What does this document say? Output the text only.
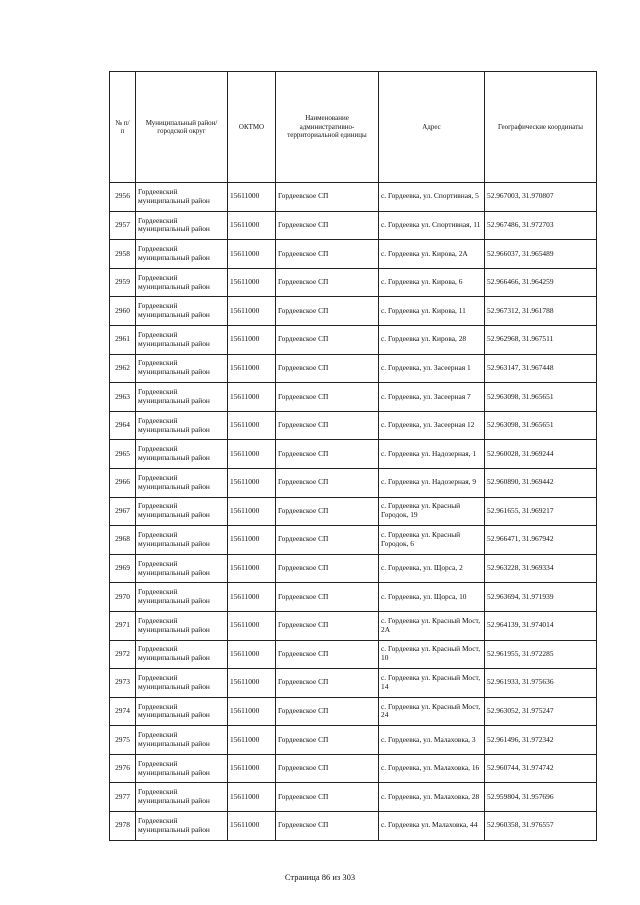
№ п/п	Муниципальный район/городской округ	ОКТМО	Наименование административно-территориальной единицы	Адрес	Географические координаты
2956	Гордеевский муниципальный район	15611000	Гордеевское СП	с. Гордеевка, ул. Спортивная, 5	52.967003, 31.970807
2957	Гордеевский муниципальный район	15611000	Гордеевское СП	с. Гордеевка ул. Спортивная, 11	52.967486, 31.972703
2958	Гордеевский муниципальный район	15611000	Гордеевское СП	с. Гордеевка ул. Кирова, 2А	52.966037, 31.965489
2959	Гордеевский муниципальный район	15611000	Гордеевское СП	с. Гордеевка ул. Кирова, 6	52.966466, 31.964259
2960	Гордеевский муниципальный район	15611000	Гордеевское СП	с. Гордеевка ул. Кирова, 11	52.967312, 31.961788
2961	Гордеевский муниципальный район	15611000	Гордеевское СП	с. Гордеевка ул. Кирова, 28	52.962968, 31.967511
2962	Гордеевский муниципальный район	15611000	Гордеевское СП	с. Гордеевка, ул. Засеерная 1	52.963147, 31.967448
2963	Гордеевский муниципальный район	15611000	Гордеевское СП	с. Гордеевка, ул. Засеерная 7	52.963098, 31.965651
2964	Гордеевский муниципальный район	15611000	Гордеевское СП	с. Гордеевка, ул. Засеерная 12	52.963098, 31.965651
2965	Гордеевский муниципальный район	15611000	Гордеевское СП	с. Гордеевка ул. Надозерная, 1	52.960028, 31.969244
2966	Гордеевский муниципальный район	15611000	Гордеевское СП	с. Гордеевка ул. Надозерная, 9	52.960890, 31.969442
2967	Гордеевский муниципальный район	15611000	Гордеевское СП	с. Гордеевка ул. Красный Городок, 19	52.961655, 31.969217
2968	Гордеевский муниципальный район	15611000	Гордеевское СП	с. Гордеевка ул. Красный Городок, 6	52.966471, 31.967942
2969	Гордеевский муниципальный район	15611000	Гордеевское СП	с. Гордеевка, ул. Щорса, 2	52.963228, 31.969334
2970	Гордеевский муниципальный район	15611000	Гордеевское СП	с. Гордеевка, ул. Щорса, 10	52.963694, 31.971939
2971	Гордеевский муниципальный район	15611000	Гордеевское СП	с. Гордеевка ул. Красный Мост, 2А	52.964139, 31.974014
2972	Гордеевский муниципальный район	15611000	Гордеевское СП	с. Гордеевка ул. Красный Мост, 10	52.961955, 31.972285
2973	Гордеевский муниципальный район	15611000	Гордеевское СП	с. Гордеевка ул. Красный Мост, 14	52.961933, 31.975636
2974	Гордеевский муниципальный район	15611000	Гордеевское СП	с. Гордеевка ул. Красный Мост, 24	52.963052, 31.975247
2975	Гордеевский муниципальный район	15611000	Гордеевское СП	с. Гордеевка, ул. Малаховка, 3	52.961496, 31.972342
2976	Гордеевский муниципальный район	15611000	Гордеевское СП	с. Гордеевка, ул. Малаховка, 16	52.960744, 31.974742
2977	Гордеевский муниципальный район	15611000	Гордеевское СП	с. Гордеевка, ул. Малаховка, 28	52.959804, 31.957696
2978	Гордеевский муниципальный район	15611000	Гордеевское СП	с. Гордеевка ул. Малаховка, 44	52.960358, 31.976557
Страница 86 из 303
